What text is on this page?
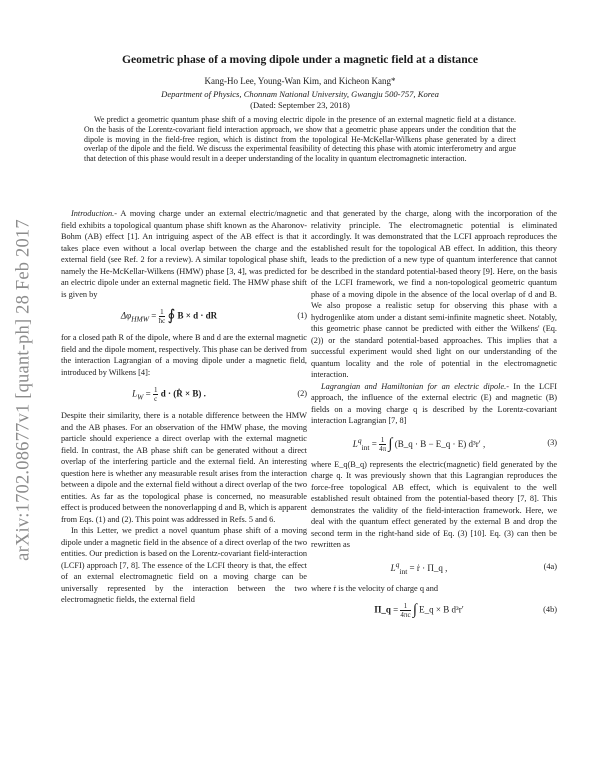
arXiv:1702.08677v1 [quant-ph] 28 Feb 2017
Geometric phase of a moving dipole under a magnetic field at a distance
Kang-Ho Lee, Young-Wan Kim, and Kicheon Kang*
Department of Physics, Chonnam National University, Gwangju 500-757, Korea
(Dated: September 23, 2018)

We predict a geometric quantum phase shift of a moving electric dipole in the presence of an external magnetic field at a distance. On the basis of the Lorentz-covariant field interaction approach, we show that a geometric phase appears under the condition that the dipole is moving in the field-free region, which is distinct from the topological He-McKellar-Wilkens phase generated by a direct overlap of the dipole and the field. We discuss the experimental feasibility of detecting this phase with atomic interferometry and argue that detection of this phase would result in a deeper understanding of the locality in quantum electromagnetic interaction.

Introduction.- A moving charge under an external electric/magnetic field exhibits a topological quantum phase shift known as the Aharonov-Bohm (AB) effect [1]. An intriguing aspect of the AB effect is that it takes place even without a local overlap between the charge and the external field (see Ref. 2 for a review). A similar topological phase shift, namely the He-McKellar-Wilkens (HMW) phase [3, 4], was predicted for an electric dipole under an external magnetic field. The HMW phase shift is given by

$\Delta\varphi_{HMW} = \frac{1}{ħc}$ ∮ B × d · dR	(1)

for a closed path R of the dipole, where B and d are the external magnetic field and the dipole moment, respectively. This phase can be derived from the interaction Lagrangian of a moving dipole under a magnetic field, introduced by Wilkens [4]:

$L_W = \frac{1}{c}$ d · (Ṙ × B) .	(2)

Despite their similarity, there is a notable difference between the HMW and the AB phases. For an observation of the HMW phase, the moving particle should experience a direct overlap with the external magnetic field. In contrast, the AB phase shift can be generated without a direct overlap of the interfering particle and the external field. An interesting question here is whether any measurable result arises from the interaction between a dipole and the external field without a direct overlap of the two entities. As far as the topological phase is concerned, no measurable effect is produced between the nonoverlapping d and B, which is apparent from Eqs. (1) and (2). This point was addressed in Refs. 5 and 6.

In this Letter, we predict a novel quantum phase shift of a moving dipole under a magnetic field in the absence of a direct overlap of the two entities. Our prediction is based on the Lorentz-covariant field-interaction (LCFI) approach [7, 8]. The essence of the LCFI theory is that, the effect of an external electromagnetic field on a moving charge can be universally represented by the interaction between the two electromagnetic fields, the external field

and that generated by the charge, along with the incorporation of the relativity principle. The electromagnetic potential is eliminated accordingly. It was demonstrated that the LCFI approach reproduces the established result for the topological AB effect. In addition, this theory leads to the prediction of a new type of quantum interference that cannot be described in the standard potential-based theory [9]. Here, on the basis of the LCFI framework, we find a non-topological geometric quantum phase of a moving dipole in the absence of the local overlap of d and B. We also propose a realistic setup for observing this phase with a hydrogenlike atom under a distant semi-infinite magnetic sheet. Notably, this geometric phase cannot be predicted with either the Wilkens' (Eq. (2)) or the standard potential-based approaches. This implies that a successful experiment would shed light on our understanding of the quantum locality and the role of potential in the electromagnetic interaction.

Lagrangian and Hamiltonian for an electric dipole.- In the LCFI approach, the influence of the external electric (E) and magnetic (B) fields on a moving charge q is described by the Lorentz-covariant interaction Lagrangian [7, 8]

$L^q_{int} = \frac{1}{4\pi}$ ∫ (B_q · B − E_q · E) d³r′ ,	(3)

where E_q(B_q) represents the electric(magnetic) field generated by the charge q. It was previously shown that this Lagrangian reproduces the force-free topological AB effect, which is equivalent to the well established result obtained from the potential-based theory [7, 8]. This demonstrates the validity of the field-interaction framework. Here, we deal with the quantum effect generated by the external B and drop the second term in the right-hand side of Eq. (3) [10]. Eq. (3) can then be rewritten as

$L^q_{int}$ = ṙ · Π_q ,	(4a)

where ṙ is the velocity of charge q and

Π_q = $\frac{1}{4\pi c}$ ∫ E_q × B d³r′	(4b)
